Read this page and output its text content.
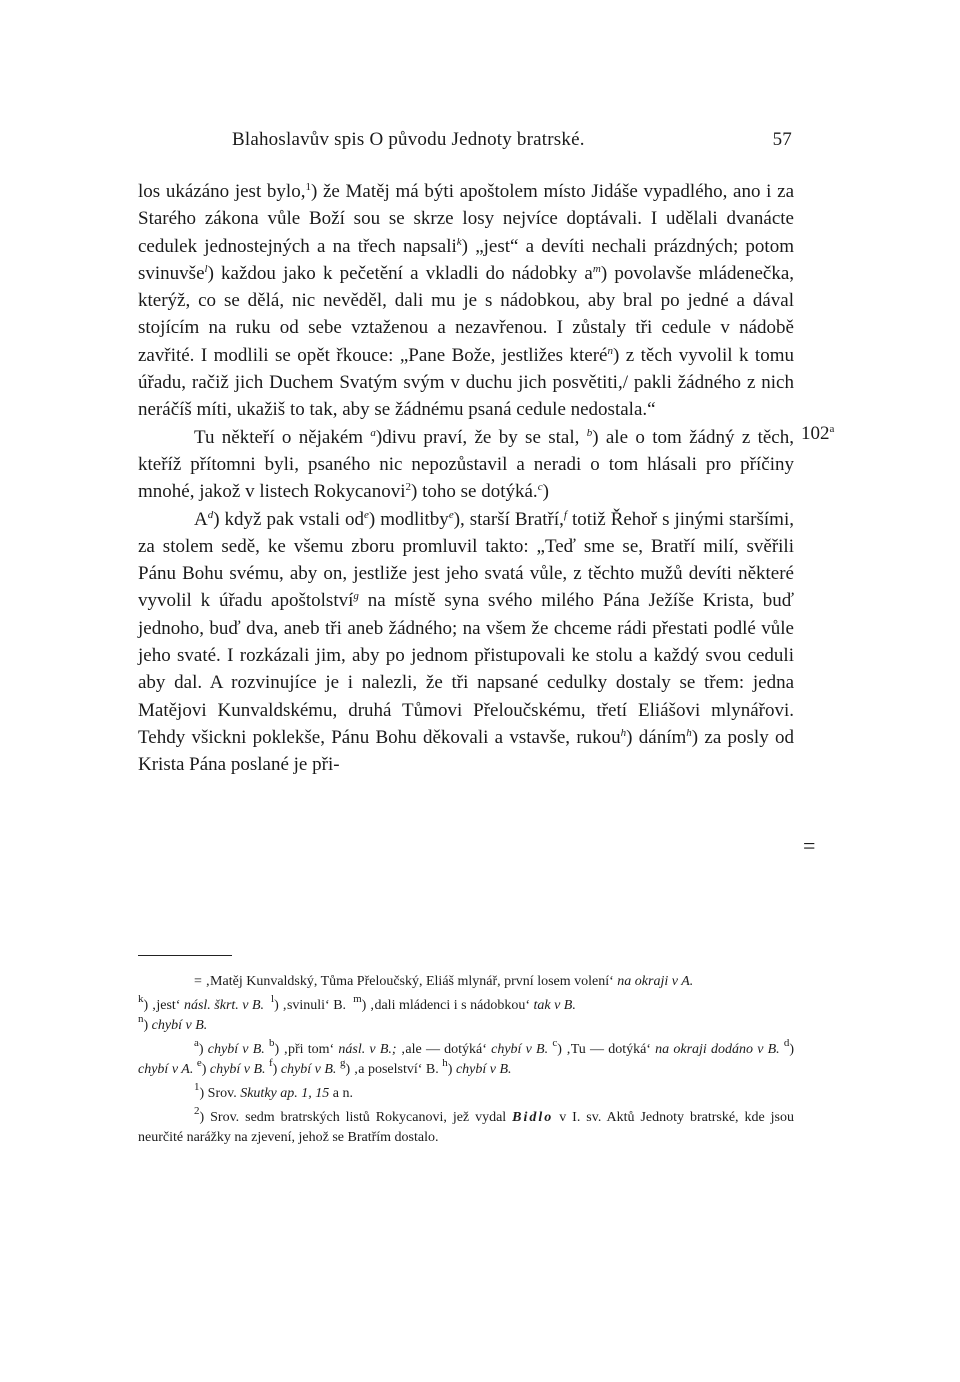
Blahoslavův spis O původu Jednoty bratrské.	57

los ukázáno jest bylo,$^1$) že Matěj má býti apoštolem místo Jidáše vypadlého, ano i za Starého zákona vůle Boží sou se skrze losy nejvíce doptávali. I udělali dvanácte cedulek jednostejných a na třech napsali$^k$) „jest“ a devíti nechali prázdných; potom svinuvše$^l$) každou jako k pečetění a vkladli do nádobky $a^m$) povolavše mládenečka, kterýž, co se dělá, nic nevěděl, dali mu je s nádobkou, aby bral po jedné a dával stojícím na ruku od sebe vztaženou a nezavřenou. I zůstaly tři cedule v nádobě zavřité. I modlili se opět řkouce: „Pane Bože, jestližes které$^n$) z těch vyvolil k tomu úřadu, račiž jich Duchem Svatým svým v duchu jich posvětiti,/ pakli žádného z nich neráčíš míti, ukažiš to tak, aby se žádnému psaná cedule nedostala.“

Tu někteří o nějakém $^a$)divu praví, že by se stal, $^b$) ale o tom žádný z těch, kteříž přítomni byli, psaného nic nepozůstavil a neradi o tom hlásali pro příčiny mnohé, jakož v listech Rokycanovi$^2$) toho se dotýká.$^c$)

$A^d$) když pak vstali $od^e$) modlitby$^e$), starší Bratří,$^f$ totiž Řehoř s jinými staršími, za stolem sedě, ke všemu zboru promluvil takto: „Teď sme se, Bratří milí, svěřili Pánu Bohu svému, aby on, jestliže jest jeho svatá vůle, z těchto mužů devíti některé vyvolil k úřadu apoštolství$^g$ na místě syna svého milého Pána Ježíše Krista, buď jednoho, buď dva, aneb tři aneb žádného; na všem že chceme rádi přestati podlé vůle jeho svaté. I rozkázali jim, aby po jednom přistupovali ke stolu a každý svou ceduli aby dal. A rozvinujíce je i nalezli, že tři napsané cedulky dostaly se třem: jedna Matějovi Kunvaldskému, druhá Tůmovi Přeloučskému, třetí Eliášovi mlynářovi. Tehdy všickni poklekše, Pánu Bohu děkovali a vstavše, rukou$^h$) dáním$^h$) za posly od Krista Pána poslané je při-

$102^a$
=

= ‚Matěj Kunvaldský, Tůma Přeloučský, Eliáš mlynář, první losem volení‘ na okraji v A.

$^k$) ‚jest‘ násl. škrt. v B. $^l$) ‚svinuli‘ B. $^m$) ‚dali mládenci i s nádobkou‘ tak v B.
$^n$) chybí v B.

$^a$) chybí v B. $^b$) ‚při tom‘ násl. v B.; ‚ale — dotýká‘ chybí v B. $^c$) ‚Tu — dotýká‘ na okraji dodáno v B. $^d$) chybí v A. $^e$) chybí v B. $^f$) chybí v B. $^g$) ‚a poselství‘ B. $^h$) chybí v B.

$^1$) Srov. Skutky ap. 1, 15 a n.

$^2$) Srov. sedm bratrských listů Rokycanovi, jež vydal Bidlo v I. sv. Aktů Jednoty bratrské, kde jsou neurčité narážky na zjevení, jehož se Bratřím dostalo.
